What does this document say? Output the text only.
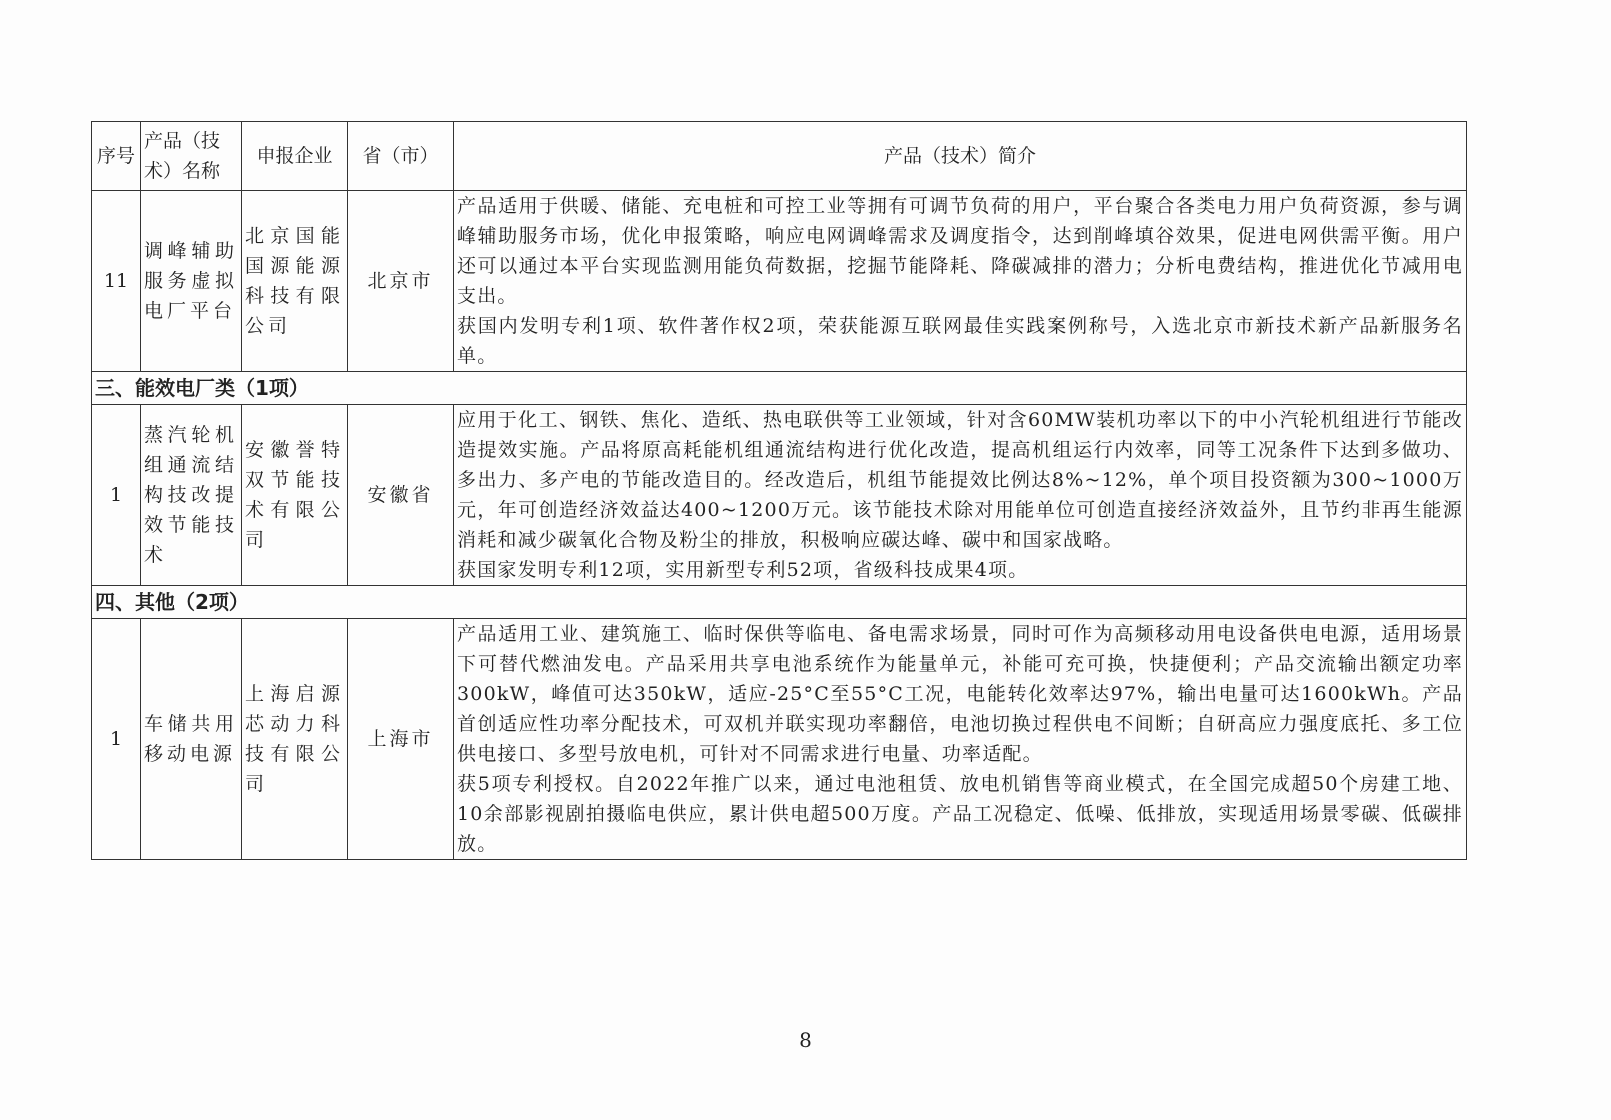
序号	产品（技术）名称	申报企业	省（市）	产品（技术）简介
11	调峰辅助服务虚拟电厂平台	北京国能国源能源科技有限公司	北京市	产品适用于供暖、储能、充电桩和可控工业等拥有可调节负荷的用户，平台聚合各类电力用户负荷资源，参与调峰辅助服务市场，优化申报策略，响应电网调峰需求及调度指令，达到削峰填谷效果，促进电网供需平衡。用户还可以通过本平台实现监测用能负荷数据，挖掘节能降耗、降碳减排的潜力；分析电费结构，推进优化节减用电支出。

获国内发明专利1项、软件著作权2项，荣获能源互联网最佳实践案例称号，入选北京市新技术新产品新服务名单。

三、能效电厂类（1项）				
1	蒸汽轮机组通流结构技改提效节能技术	安徽誉特双节能技术有限公司	安徽省	应用于化工、钢铁、焦化、造纸、热电联供等工业领域，针对含60MW装机功率以下的中小汽轮机组进行节能改造提效实施。产品将原高耗能机组通流结构进行优化改造，提高机组运行内效率，同等工况条件下达到多做功、多出力、多产电的节能改造目的。经改造后，机组节能提效比例达8%~12%，单个项目投资额为300~1000万元，年可创造经济效益达400~1200万元。该节能技术除对用能单位可创造直接经济效益外，且节约非再生能源消耗和减少碳氧化合物及粉尘的排放，积极响应碳达峰、碳中和国家战略。

获国家发明专利12项，实用新型专利52项，省级科技成果4项。

四、其他（2项）				
1	车储共用移动电源	上海启源芯动力科技有限公司	上海市	产品适用工业、建筑施工、临时保供等临电、备电需求场景，同时可作为高频移动用电设备供电电源，适用场景下可替代燃油发电。产品采用共享电池系统作为能量单元，补能可充可换，快捷便利；产品交流输出额定功率300kW，峰值可达350kW，适应-25°C至55°C工况，电能转化效率达97%，输出电量可达1600kWh。产品首创适应性功率分配技术，可双机并联实现功率翻倍，电池切换过程供电不间断；自研高应力强度底托、多工位供电接口、多型号放电机，可针对不同需求进行电量、功率适配。

获5项专利授权。自2022年推广以来，通过电池租赁、放电机销售等商业模式，在全国完成超50个房建工地、10余部影视剧拍摄临电供应，累计供电超500万度。产品工况稳定、低噪、低排放，实现适用场景零碳、低碳排放。

8
